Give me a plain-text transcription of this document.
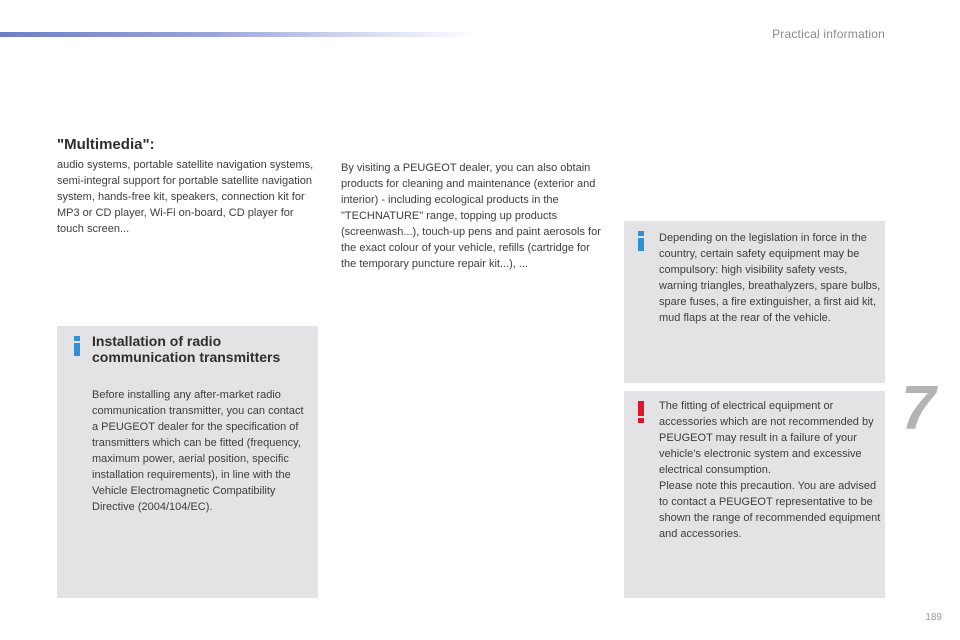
Practical information
"Multimedia":
audio systems, portable satellite navigation systems, semi-integral support for portable satellite navigation system, hands-free kit, speakers, connection kit for MP3 or CD player, Wi-Fi on-board, CD player for touch screen...
By visiting a PEUGEOT dealer, you can also obtain products for cleaning and maintenance (exterior and interior) - including ecological products in the "TECHNATURE" range, topping up products (screenwash...), touch-up pens and paint aerosols for the exact colour of your vehicle, refills (cartridge for the temporary puncture repair kit...), ...
Installation of radio communication transmitters
Before installing any after-market radio communication transmitter, you can contact a PEUGEOT dealer for the specification of transmitters which can be fitted (frequency, maximum power, aerial position, specific installation requirements), in line with the Vehicle Electromagnetic Compatibility Directive (2004/104/EC).
Depending on the legislation in force in the country, certain safety equipment may be compulsory: high visibility safety vests, warning triangles, breathalyzers, spare bulbs, spare fuses, a fire extinguisher, a first aid kit, mud flaps at the rear of the vehicle.
The fitting of electrical equipment or accessories which are not recommended by PEUGEOT may result in a failure of your vehicle's electronic system and excessive electrical consumption.
Please note this precaution. You are advised to contact a PEUGEOT representative to be shown the range of recommended equipment and accessories.
7
189
